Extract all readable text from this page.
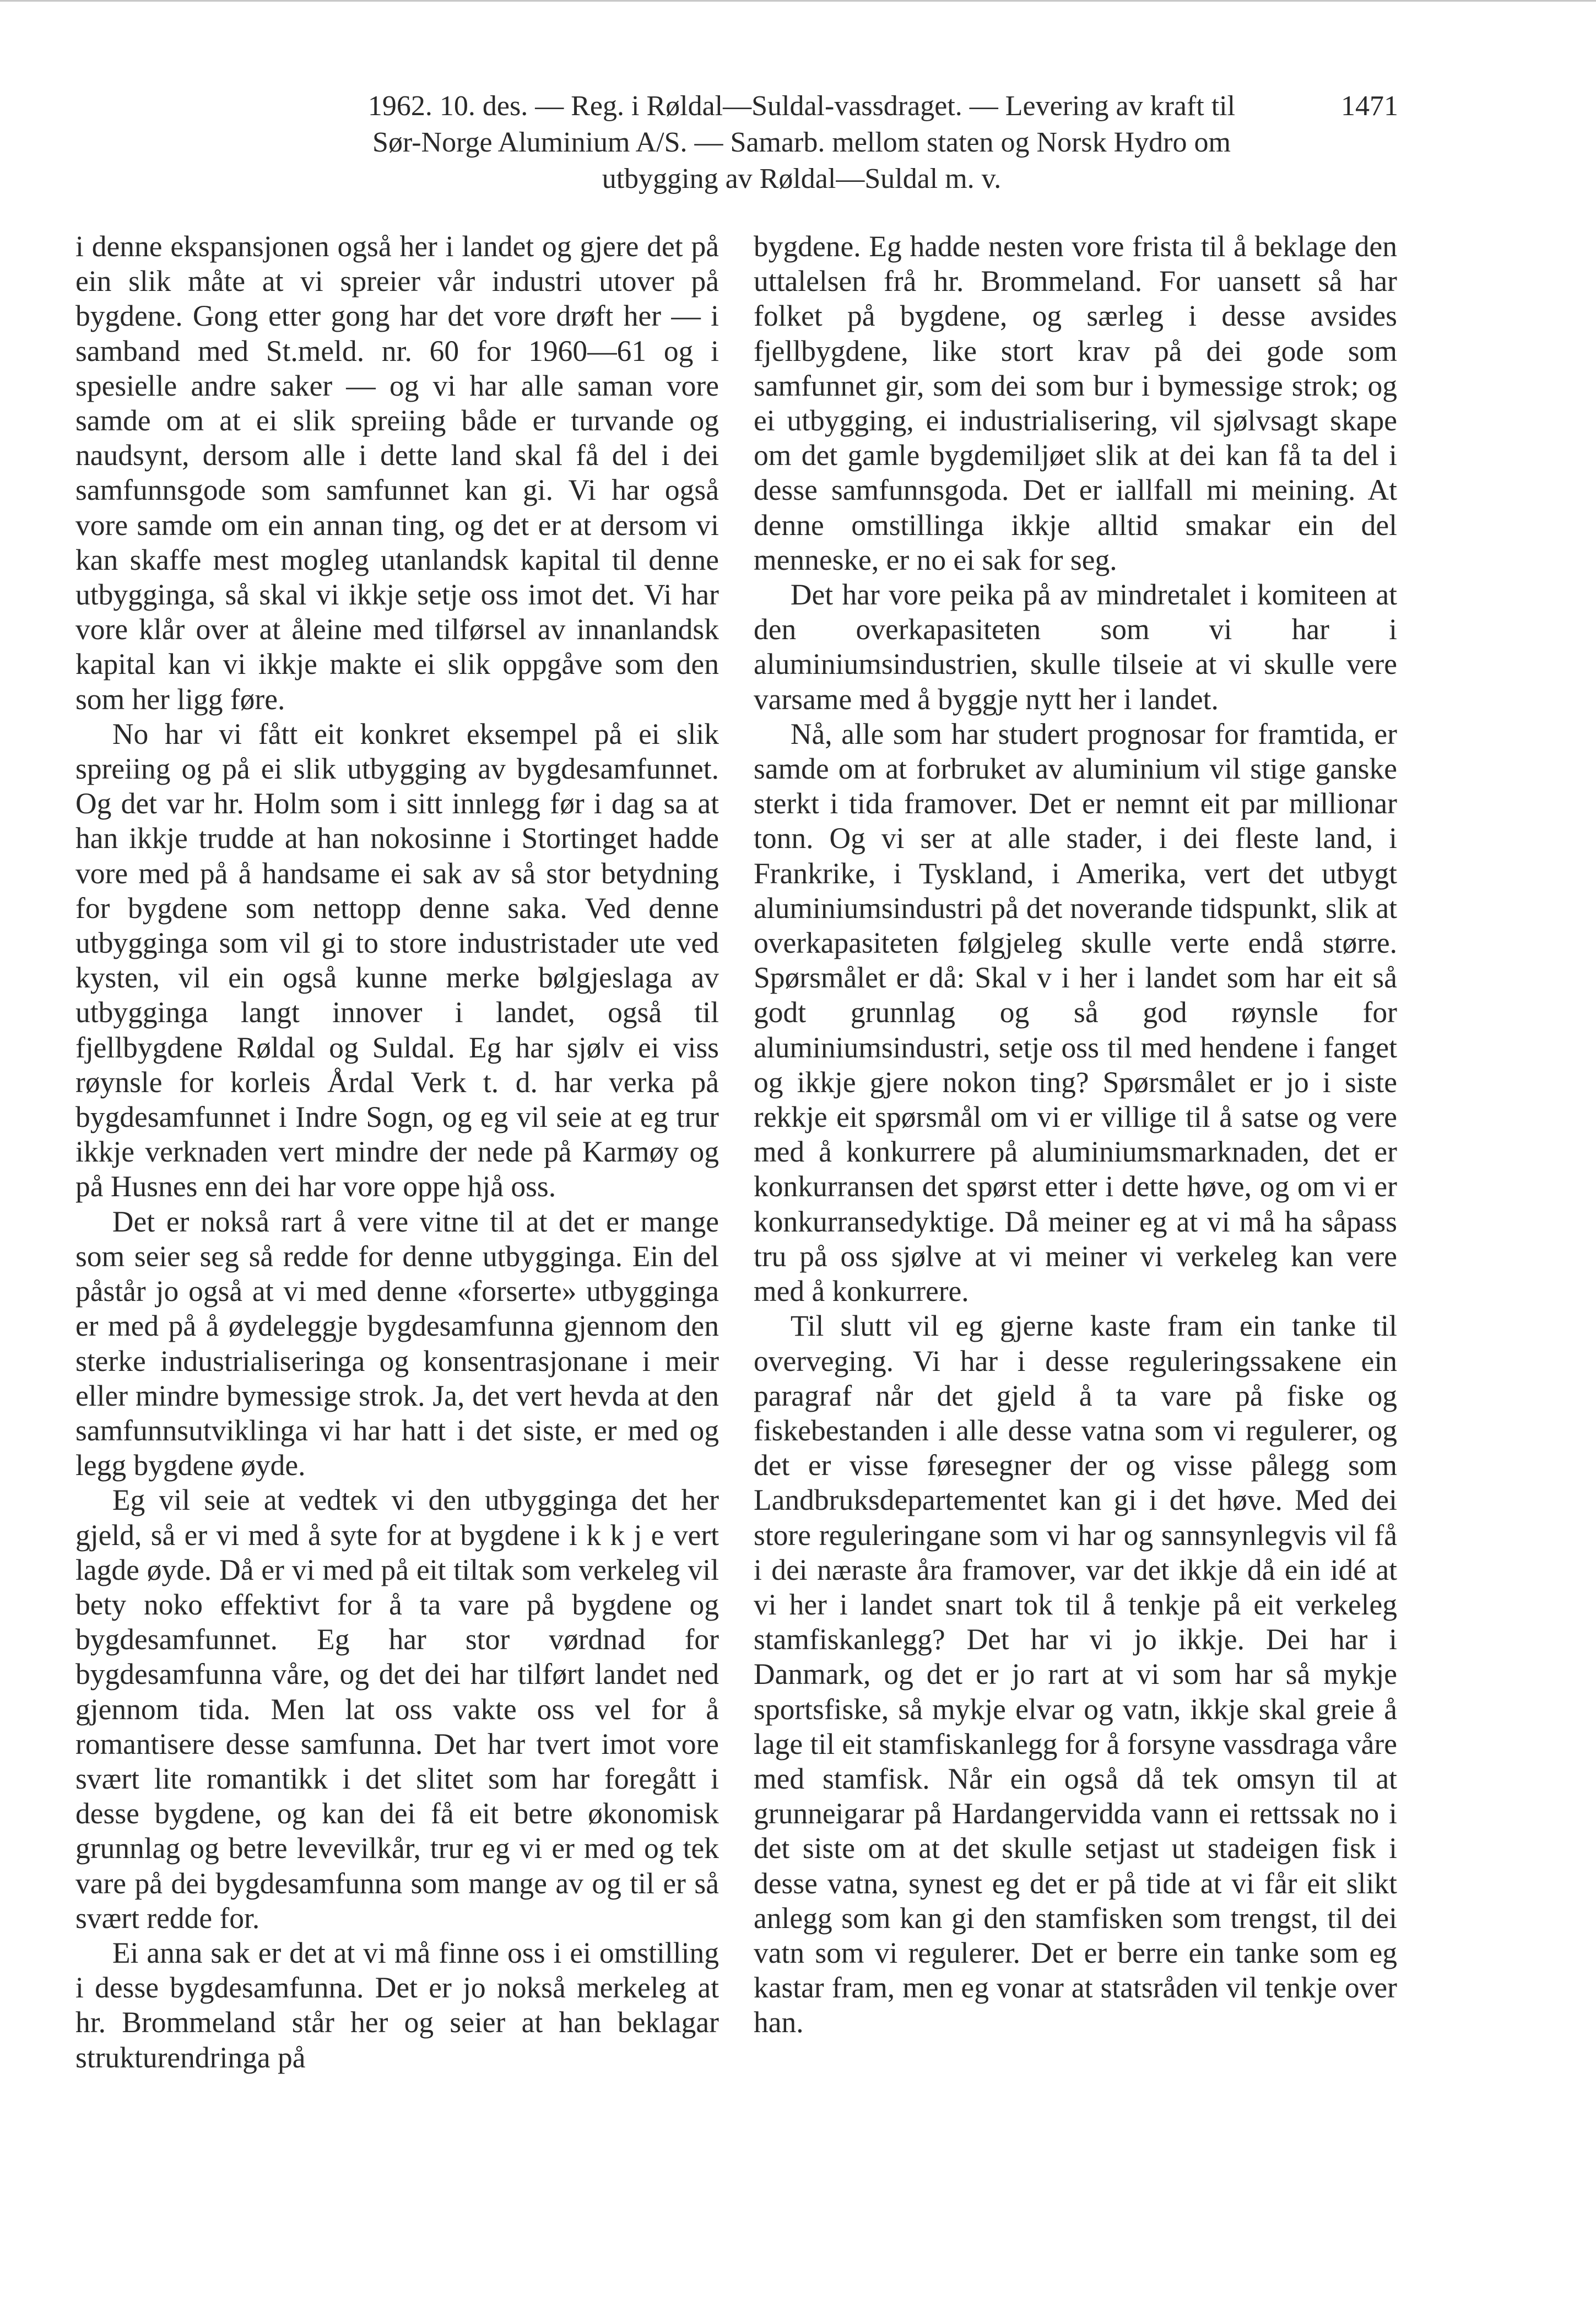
1962. 10. des. — Reg. i Røldal—Suldal-vassdraget. — Levering av kraft til
Sør-Norge Aluminium A/S. — Samarb. mellom staten og Norsk Hydro om
utbygging av Røldal—Suldal m. v.
1471

i denne ekspansjonen også her i landet og gjere det på ein slik måte at vi spreier vår industri utover på bygdene. Gong etter gong har det vore drøft her — i samband med St.meld. nr. 60 for 1960—61 og i spesielle andre saker — og vi har alle saman vore samde om at ei slik spreiing både er turvande og naudsynt, dersom alle i dette land skal få del i dei samfunnsgode som samfunnet kan gi. Vi har også vore samde om ein annan ting, og det er at dersom vi kan skaffe mest mogleg utanlandsk kapital til denne utbygginga, så skal vi ikkje setje oss imot det. Vi har vore klår over at åleine med tilførsel av innanlandsk kapital kan vi ikkje makte ei slik oppgåve som den som her ligg føre.

No har vi fått eit konkret eksempel på ei slik spreiing og på ei slik utbygging av bygdesamfunnet. Og det var hr. Holm som i sitt innlegg før i dag sa at han ikkje trudde at han nokosinne i Stortinget hadde vore med på å handsame ei sak av så stor betydning for bygdene som nettopp denne saka. Ved denne utbygginga som vil gi to store industristader ute ved kysten, vil ein også kunne merke bølgjeslaga av utbygginga langt innover i landet, også til fjellbygdene Røldal og Suldal. Eg har sjølv ei viss røynsle for korleis Årdal Verk t. d. har verka på bygdesamfunnet i Indre Sogn, og eg vil seie at eg trur ikkje verknaden vert mindre der nede på Karmøy og på Husnes enn dei har vore oppe hjå oss.

Det er nokså rart å vere vitne til at det er mange som seier seg så redde for denne utbygginga. Ein del påstår jo også at vi med denne «forserte» utbygginga er med på å øydeleggje bygdesamfunna gjennom den sterke industrialiseringa og konsentrasjonane i meir eller mindre bymessige strok. Ja, det vert hevda at den samfunnsutviklinga vi har hatt i det siste, er med og legg bygdene øyde.

Eg vil seie at vedtek vi den utbygginga det her gjeld, så er vi med å syte for at bygdene i k k j e vert lagde øyde. Då er vi med på eit tiltak som verkeleg vil bety noko effektivt for å ta vare på bygdene og bygdesamfunnet. Eg har stor vørdnad for bygdesamfunna våre, og det dei har tilført landet ned gjennom tida. Men lat oss vakte oss vel for å romantisere desse samfunna. Det har tvert imot vore svært lite romantikk i det slitet som har foregått i desse bygdene, og kan dei få eit betre økonomisk grunnlag og betre levevilkår, trur eg vi er med og tek vare på dei bygdesamfunna som mange av og til er så svært redde for.

Ei anna sak er det at vi må finne oss i ei omstilling i desse bygdesamfunna. Det er jo nokså merkeleg at hr. Brommeland står her og seier at han beklagar strukturendringa på

bygdene. Eg hadde nesten vore frista til å beklage den uttalelsen frå hr. Brommeland. For uansett så har folket på bygdene, og særleg i desse avsides fjellbygdene, like stort krav på dei gode som samfunnet gir, som dei som bur i bymessige strok; og ei utbygging, ei industrialisering, vil sjølvsagt skape om det gamle bygdemiljøet slik at dei kan få ta del i desse samfunnsgoda. Det er iallfall mi meining. At denne omstillinga ikkje alltid smakar ein del menneske, er no ei sak for seg.

Det har vore peika på av mindretalet i komiteen at den overkapasiteten som vi har i aluminiumsindustrien, skulle tilseie at vi skulle vere varsame med å byggje nytt her i landet.

Nå, alle som har studert prognosar for framtida, er samde om at forbruket av aluminium vil stige ganske sterkt i tida framover. Det er nemnt eit par millionar tonn. Og vi ser at alle stader, i dei fleste land, i Frankrike, i Tyskland, i Amerika, vert det utbygt aluminiumsindustri på det noverande tidspunkt, slik at overkapasiteten følgjeleg skulle verte endå større. Spørsmålet er då: Skal v i her i landet som har eit så godt grunnlag og så god røynsle for aluminiumsindustri, setje oss til med hendene i fanget og ikkje gjere nokon ting? Spørsmålet er jo i siste rekkje eit spørsmål om vi er villige til å satse og vere med å konkurrere på aluminiumsmarknaden, det er konkurransen det spørst etter i dette høve, og om vi er konkurransedyktige. Då meiner eg at vi må ha såpass tru på oss sjølve at vi meiner vi verkeleg kan vere med å konkurrere.

Til slutt vil eg gjerne kaste fram ein tanke til overveging. Vi har i desse reguleringssakene ein paragraf når det gjeld å ta vare på fiske og fiskebestanden i alle desse vatna som vi regulerer, og det er visse føresegner der og visse pålegg som Landbruksdepartementet kan gi i det høve. Med dei store reguleringane som vi har og sannsynlegvis vil få i dei næraste åra framover, var det ikkje då ein idé at vi her i landet snart tok til å tenkje på eit verkeleg stamfiskanlegg? Det har vi jo ikkje. Dei har i Danmark, og det er jo rart at vi som har så mykje sportsfiske, så mykje elvar og vatn, ikkje skal greie å lage til eit stamfiskanlegg for å forsyne vassdraga våre med stamfisk. Når ein også då tek omsyn til at grunneigarar på Hardangervidda vann ei rettssak no i det siste om at det skulle setjast ut stadeigen fisk i desse vatna, synest eg det er på tide at vi får eit slikt anlegg som kan gi den stamfisken som trengst, til dei vatn som vi regulerer. Det er berre ein tanke som eg kastar fram, men eg vonar at statsråden vil tenkje over han.
